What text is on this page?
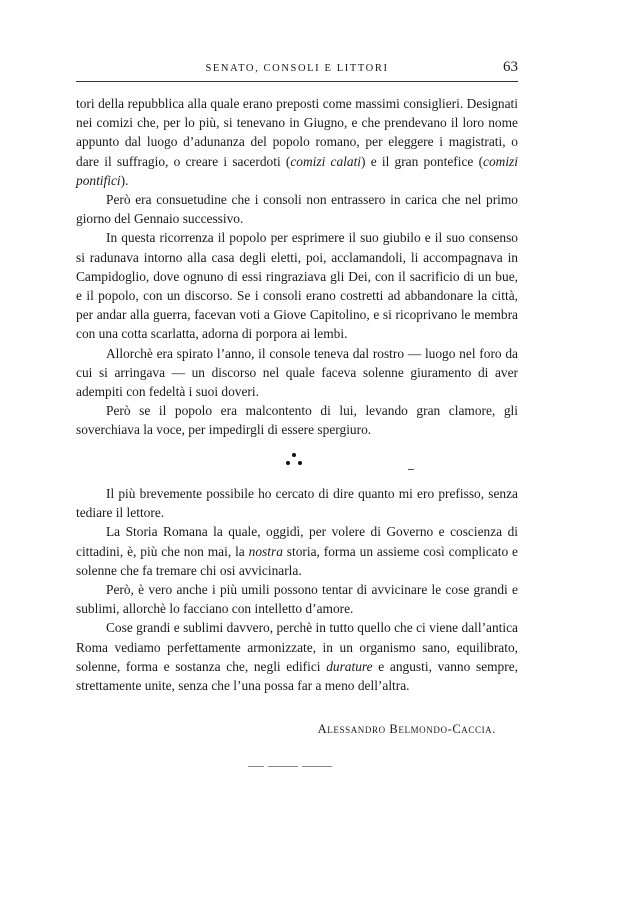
SENATO, CONSOLI E LITTORI	63

tori della repubblica alla quale erano preposti come massimi consiglieri. Designati nei comizi che, per lo più, si tenevano in Giugno, e che prendevano il loro nome appunto dal luogo d’adunanza del popolo romano, per eleggere i magistrati, o dare il suffragio, o creare i sacerdoti (comizi calati) e il gran pontefice (comizi pontifici).

Però era consuetudine che i consoli non entrassero in carica che nel primo giorno del Gennaio successivo.

In questa ricorrenza il popolo per esprimere il suo giubilo e il suo consenso si radunava intorno alla casa degli eletti, poi, acclamandoli, li accompagnava in Campidoglio, dove ognuno di essi ringraziava gli Dei, con il sacrificio di un bue, e il popolo, con un discorso. Se i consoli erano costretti ad abbandonare la città, per andar alla guerra, facevan voti a Giove Capitolino, e si ricoprivano le membra con una cotta scarlatta, adorna di porpora ai lembi.

Allorchè era spirato l’anno, il console teneva dal rostro — luogo nel foro da cui si arringava — un discorso nel quale faceva solenne giuramento di aver adempiti con fedeltà i suoi doveri.

Però se il popolo era malcontento di lui, levando gran clamore, gli soverchiava la voce, per impedirgli di essere spergiuro.

Il più brevemente possibile ho cercato di dire quanto mi ero prefisso, senza tediare il lettore.

La Storia Romana la quale, oggidì, per volere di Governo e coscienza di cittadini, è, più che non mai, la nostra storia, forma un assieme così complicato e solenne che fa tremare chi osi avvicinarla.

Però, è vero anche i più umili possono tentar di avvicinare le cose grandi e sublimi, allorchè lo facciano con intelletto d’amore.

Cose grandi e sublimi davvero, perchè in tutto quello che ci viene dall’antica Roma vediamo perfettamente armonizzate, in un organismo sano, equilibrato, solenne, forma e sostanza che, negli edifici durature e angusti, vanno sempre, strettamente unite, senza che l’una possa far a meno dell’altra.

Alessandro Belmondo-Caccia.
